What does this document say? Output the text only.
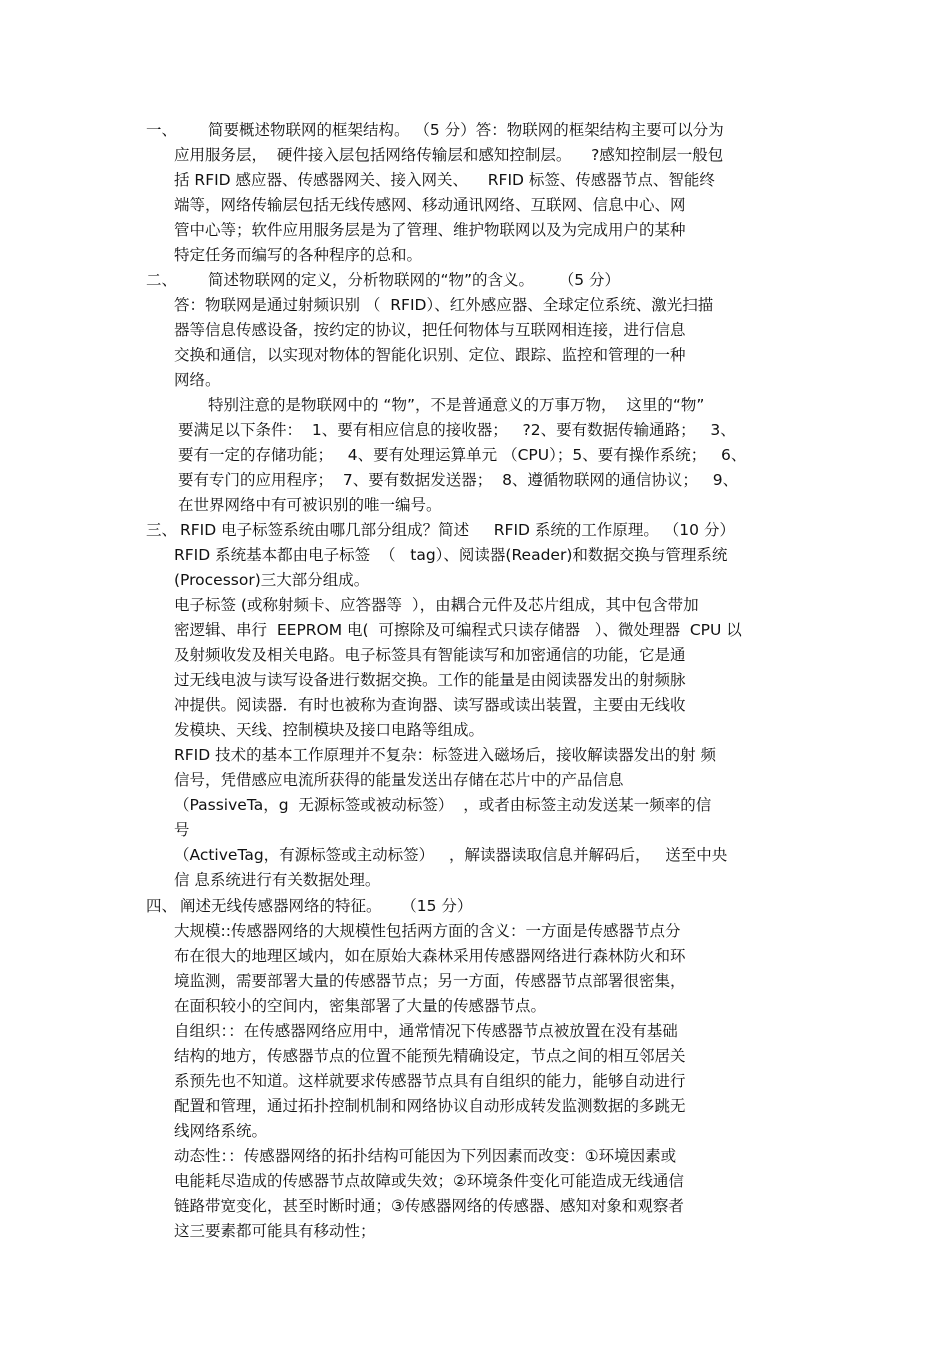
一、 简要概述物联网的框架结构。 （5 分）答：物联网的框架结构主要可以分为
应用服务层，  硬件接入层包括网络传输层和感知控制层。    ?感知控制层一般包
括 RFID 感应器、传感器网关、接入网关、    RFID 标签、传感器节点、智能终
端等，网络传输层包括无线传感网、移动通讯网络、互联网、信息中心、网
管中心等；软件应用服务层是为了管理、维护物联网以及为完成用户的某种
特定任务而编写的各种程序的总和。
二、 简述物联网的定义，分析物联网的“物”的含义。     （5 分）
答：物联网是通过射频识别 （  RFID）、红外感应器、全球定位系统、激光扫描
器等信息传感设备，按约定的协议，把任何物体与互联网相连接，进行信息
交换和通信，以实现对物体的智能化识别、定位、跟踪、监控和管理的一种
网络。
特别注意的是物联网中的 “物”，不是普通意义的万事万物，  这里的“物”
要满足以下条件：  1、要有相应信息的接收器；   ?2、要有数据传输通路；   3、
要有一定的存储功能；   4、要有处理运算单元 （CPU）；5、要有操作系统；   6、
要有专门的应用程序；  7、要有数据发送器；  8、遵循物联网的通信协议；   9、
在世界网络中有可被识别的唯一编号。
三、 RFID 电子标签系统由哪几部分组成？简述     RFID 系统的工作原理。 （10 分）
RFID 系统基本都由电子标签  （   tag）、阅读器(Reader)和数据交换与管理系统
(Processor)三大部分组成。
电子标签 (或称射频卡、应答器等  ），由耦合元件及芯片组成，其中包含带加
密逻辑、串行  EEPROM 电(  可擦除及可编程式只读存储器   ）、微处理器  CPU 以
及射频收发及相关电路。电子标签具有智能读写和加密通信的功能，它是通
过无线电波与读写设备进行数据交换。工作的能量是由阅读器发出的射频脉
冲提供。阅读器．有时也被称为查询器、读写器或读出装置，主要由无线收
发模块、天线、控制模块及接口电路等组成。
RFID 技术的基本工作原理并不复杂：标签进入磁场后，接收解读器发出的射 频
信号，凭借感应电流所获得的能量发送出存储在芯片中的产品信息
（PassiveTa，g  无源标签或被动标签）  ，或者由标签主动发送某一频率的信
号
（ActiveTag，有源标签或主动标签）   ，解读器读取信息并解码后，   送至中央
信 息系统进行有关数据处理。
四、 阐述无线传感器网络的特征。    （15 分）
大规模::传感器网络的大规模性包括两方面的含义：一方面是传感器节点分
布在很大的地理区域内，如在原始大森林采用传感器网络进行森林防火和环
境监测，需要部署大量的传感器节点；另一方面，传感器节点部署很密集，
在面积较小的空间内，密集部署了大量的传感器节点。
自组织：：在传感器网络应用中，通常情况下传感器节点被放置在没有基础
结构的地方，传感器节点的位置不能预先精确设定，节点之间的相互邻居关
系预先也不知道。这样就要求传感器节点具有自组织的能力，能够自动进行
配置和管理，通过拓扑控制机制和网络协议自动形成转发监测数据的多跳无
线网络系统。
动态性：：传感器网络的拓扑结构可能因为下列因素而改变：①环境因素或
电能耗尽造成的传感器节点故障或失效；②环境条件变化可能造成无线通信
链路带宽变化，甚至时断时通；③传感器网络的传感器、感知对象和观察者
这三要素都可能具有移动性；
